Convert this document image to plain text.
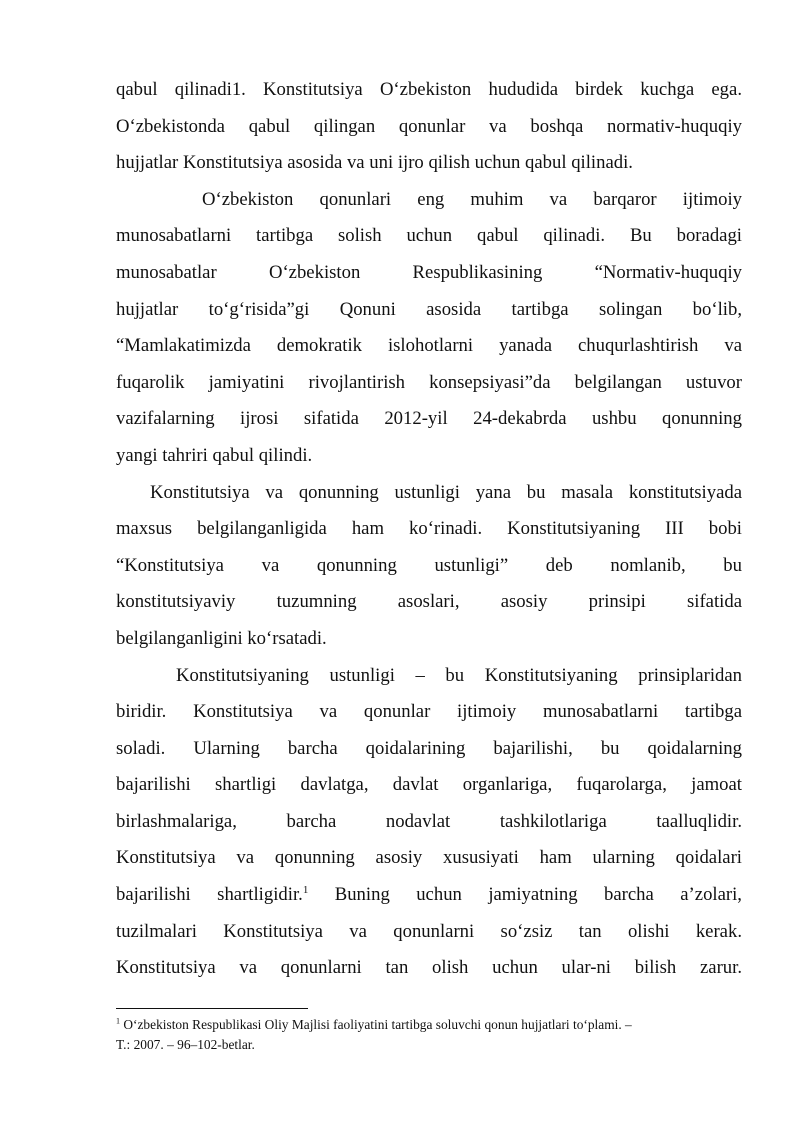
qabul qilinadi1. Konstitutsiya O‘zbekiston hududida birdek kuchga ega.
O‘zbekistonda qabul qilingan qonunlar va boshqa normativ-huquqiy
hujjatlar Konstitutsiya asosida va uni ijro qilish uchun qabul qilinadi.
O‘zbekiston qonunlari eng muhim va barqaror ijtimoiy
munosabatlarni tartibga solish uchun qabul qilinadi. Bu boradagi
munosabatlar O‘zbekiston Respublikasining “Normativ-huquqiy
hujjatlar to‘g‘risida”gi Qonuni asosida tartibga solingan bo‘lib,
“Mamlakatimizda demokratik islohotlarni yanada chuqurlashtirish va
fuqarolik jamiyatini rivojlantirish konsepsiyasi”da belgilangan ustuvor
vazifalarning ijrosi sifatida 2012-yil 24-dekabrda ushbu qonunning
yangi tahriri qabul qilindi.
Konstitutsiya va qonunning ustunligi yana bu masala konstitutsiyada
maxsus belgilanganligida ham ko‘rinadi. Konstitutsiyaning III bobi
“Konstitutsiya va qonunning ustunligi” deb nomlanib, bu
konstitutsiyaviy tuzumning asoslari, asosiy prinsipi sifatida
belgilanganligini ko‘rsatadi.
Konstitutsiyaning ustunligi – bu Konstitutsiyaning prinsiplaridan
biridir. Konstitutsiya va qonunlar ijtimoiy munosabatlarni tartibga
soladi. Ularning barcha qoidalarining bajarilishi, bu qoidalarning
bajarilishi shartligi davlatga, davlat organlariga, fuqarolarga, jamoat
birlashmalariga, barcha nodavlat tashkilotlariga taalluqlidir.
Konstitutsiya va qonunning asosiy xususiyati ham ularning qoidalari
bajarilishi shartligidir.$^1$ Buning uchun jamiyatning barcha a’zolari,
tuzilmalari Konstitutsiya va qonunlarni so‘zsiz tan olishi kerak.
Konstitutsiya va qonunlarni tan olish uchun ular-ni bilish zarur.
$^1$ O‘zbekiston Respublikasi Oliy Majlisi faoliyatini tartibga soluvchi qonun hujjatlari to‘plami. –
T.: 2007. – 96–102-betlar.
